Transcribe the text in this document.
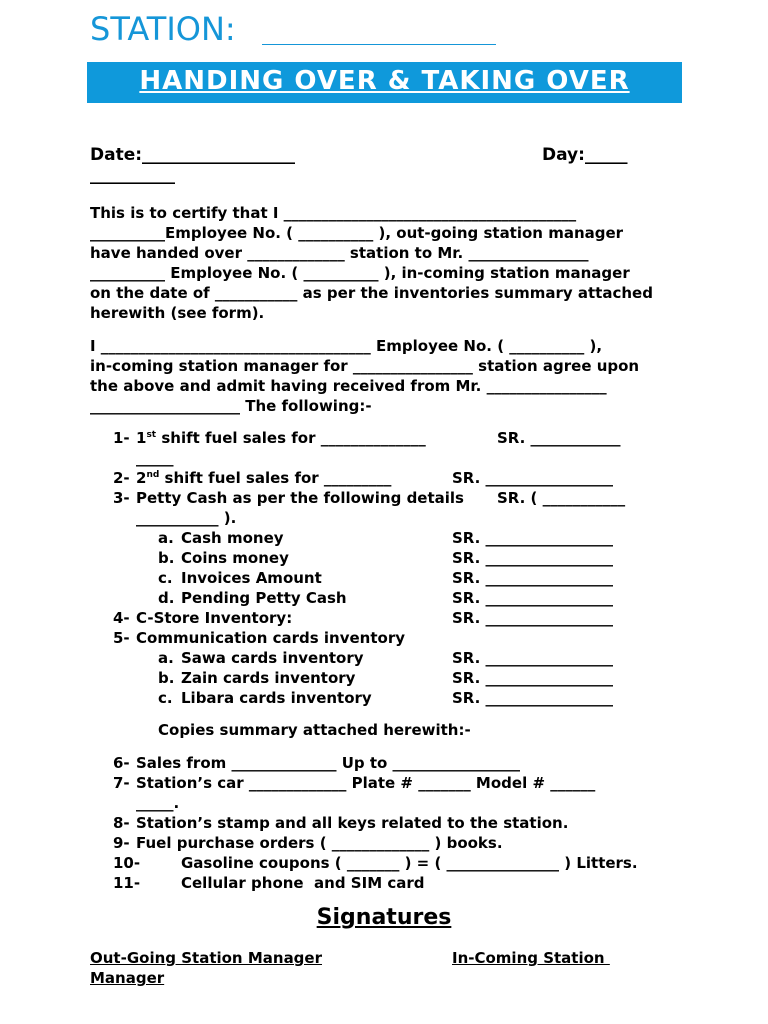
STATION:
HANDING OVER & TAKING OVER
Date:__________________	Day:_____
__________
This is to certify that I _______________________________________
__________Employee No. ( __________ ), out-going station manager
have handed over _____________ station to Mr. ________________
__________ Employee No. ( __________ ), in-coming station manager
on the date of ___________ as per the inventories summary attached
herewith (see form).
I ____________________________________ Employee No. ( __________ ),
in-coming station manager for ________________ station agree upon
the above and admit having received from Mr. ________________
____________________ The following:-
1- 1st shift fuel sales for ______________	SR. ____________
_____
2- 2nd shift fuel sales for _________	SR. _________________
3- Petty Cash as per the following details SR. ( ___________
___________ ).
a. Cash money	SR. _________________
b. Coins money	SR. _________________
c. Invoices Amount	SR. _________________
d. Pending Petty Cash	SR. _________________
4- C-Store Inventory:	SR. _________________
5- Communication cards inventory
a. Sawa cards inventory	SR. _________________
b. Zain cards inventory	SR. _________________
c. Libara cards inventory	SR. _________________
Copies summary attached herewith:-
6- Sales from ______________ Up to _________________
7- Station’s car _____________ Plate # _______ Model # ______
_____.
8- Station’s stamp and all keys related to the station.
9- Fuel purchase orders ( _____________ ) books.
10-	Gasoline coupons ( _______ ) = ( _______________ ) Litters.
11-	Cellular phone  and SIM card
Signatures
Out-Going Station Manager	In-Coming Station
Manager
